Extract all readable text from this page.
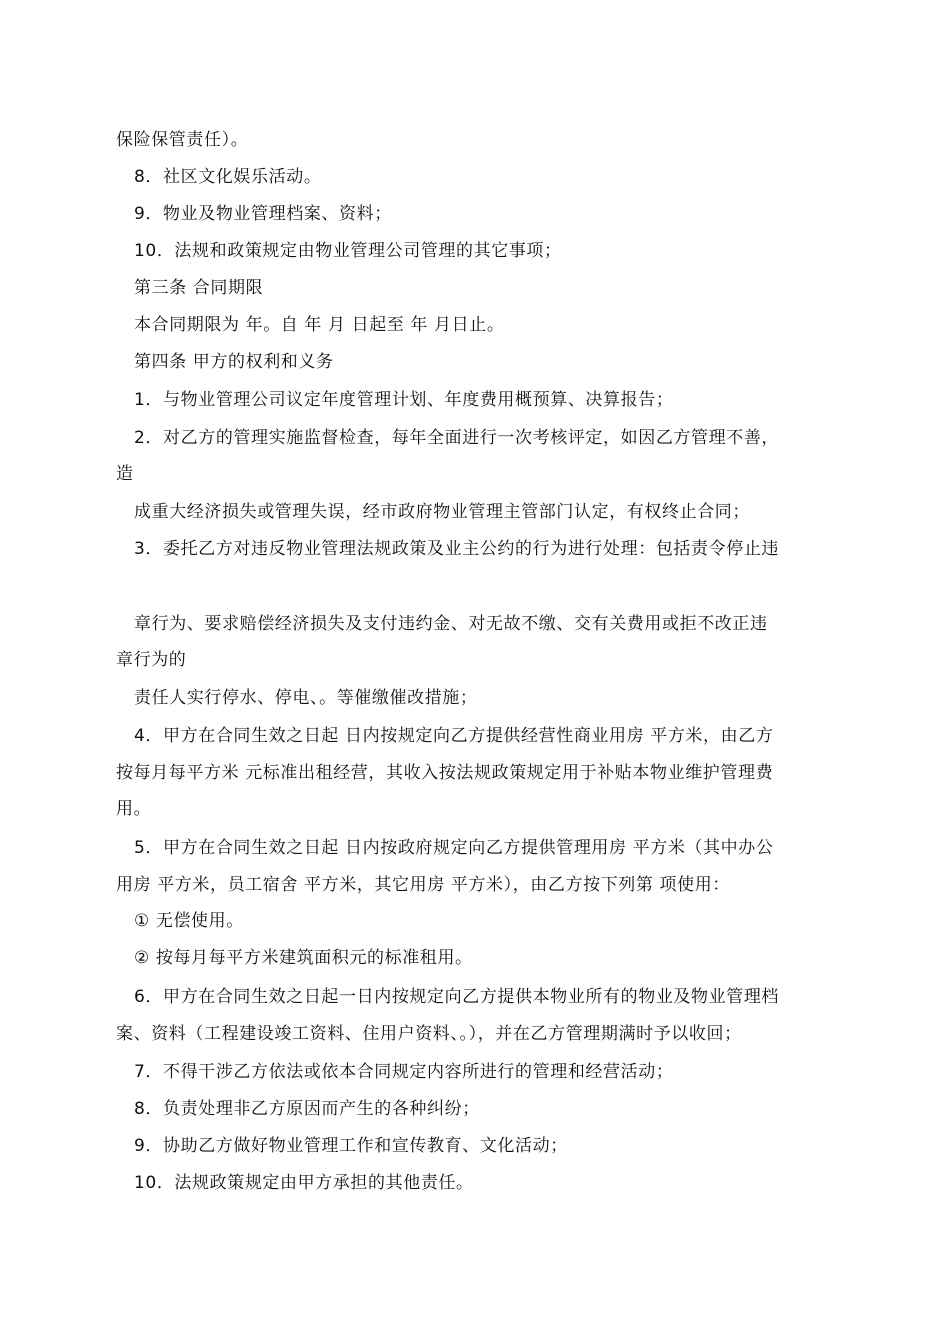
保险保管责任）。
8．社区文化娱乐活动。
9．物业及物业管理档案、资料；
10．法规和政策规定由物业管理公司管理的其它事项；
第三条 合同期限
本合同期限为 年。自 年 月 日起至 年 月日止。
第四条 甲方的权利和义务
1．与物业管理公司议定年度管理计划、年度费用概预算、决算报告；
2．对乙方的管理实施监督检查，每年全面进行一次考核评定，如因乙方管理不善，
造
成重大经济损失或管理失误，经市政府物业管理主管部门认定，有权终止合同；
3．委托乙方对违反物业管理法规政策及业主公约的行为进行处理：包括责令停止违
章行为、要求赔偿经济损失及支付违约金、对无故不缴、交有关费用或拒不改正违
章行为的
责任人实行停水、停电、。等催缴催改措施；
4．甲方在合同生效之日起 日内按规定向乙方提供经营性商业用房 平方米，由乙方
按每月每平方米 元标准出租经营，其收入按法规政策规定用于补贴本物业维护管理费
用。
5．甲方在合同生效之日起 日内按政府规定向乙方提供管理用房 平方米（其中办公
用房 平方米，员工宿舍 平方米，其它用房 平方米），由乙方按下列第 项使用：
① 无偿使用。
② 按每月每平方米建筑面积元的标准租用。
6．甲方在合同生效之日起一日内按规定向乙方提供本物业所有的物业及物业管理档
案、资料（工程建设竣工资料、住用户资料、。），并在乙方管理期满时予以收回；
7．不得干涉乙方依法或依本合同规定内容所进行的管理和经营活动；
8．负责处理非乙方原因而产生的各种纠纷；
9．协助乙方做好物业管理工作和宣传教育、文化活动；
10．法规政策规定由甲方承担的其他责任。
